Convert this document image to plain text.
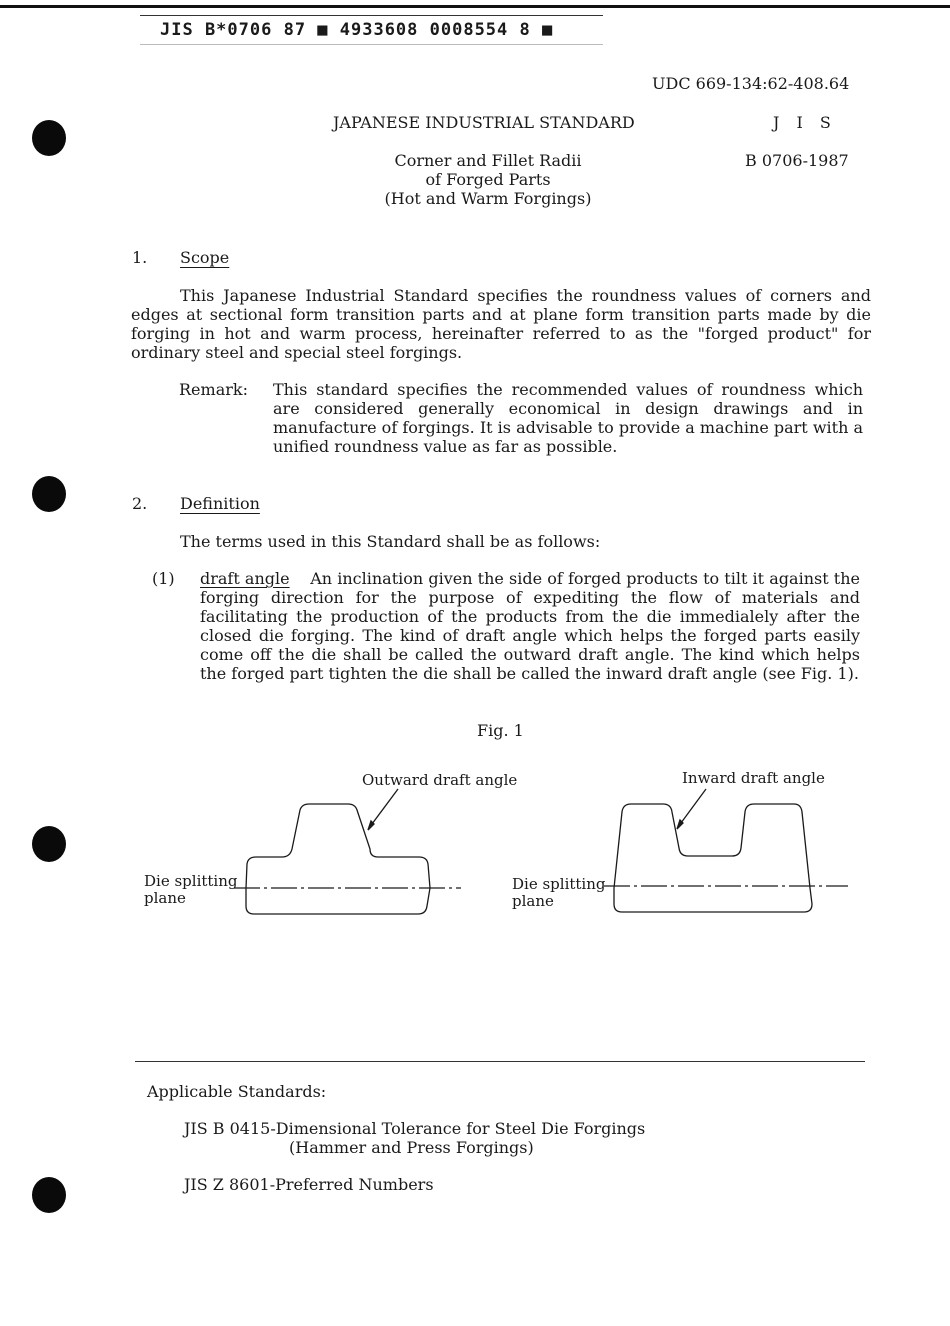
JIS B*0706 87 ■ 4933608 0008554 8 ■
UDC 669-134:62-408.64
JAPANESE INDUSTRIAL STANDARD	J I S
Corner and Fillet Radii
of Forged Parts
(Hot and Warm Forgings)
B 0706-1987
1. Scope
This Japanese Industrial Standard specifies the roundness values of corners and edges at sectional form transition parts and at plane form transition parts made by die forging in hot and warm process, hereinafter referred to as the "forged product" for ordinary steel and special steel forgings.
Remark: This standard specifies the recommended values of roundness which are considered generally economical in design drawings and in manufacture of forgings. It is advisable to provide a machine part with a unified roundness value as far as possible.
2. Definition
The terms used in this Standard shall be as follows:
(1) draft angle An inclination given the side of forged products to tilt it against the forging direction for the purpose of expediting the flow of materials and facilitating the production of the products from the die immedialely after the closed die forging. The kind of draft angle which helps the forged parts easily come off the die shall be called the outward draft angle. The kind which helps the forged part tighten the die shall be called the inward draft angle (see Fig. 1).
Fig. 1
Outward draft angle	Inward draft angle
Die splitting
plane
Die splitting
plane
Applicable Standards:
JIS B 0415-Dimensional Tolerance for Steel Die Forgings
(Hammer and Press Forgings)
JIS Z 8601-Preferred Numbers
